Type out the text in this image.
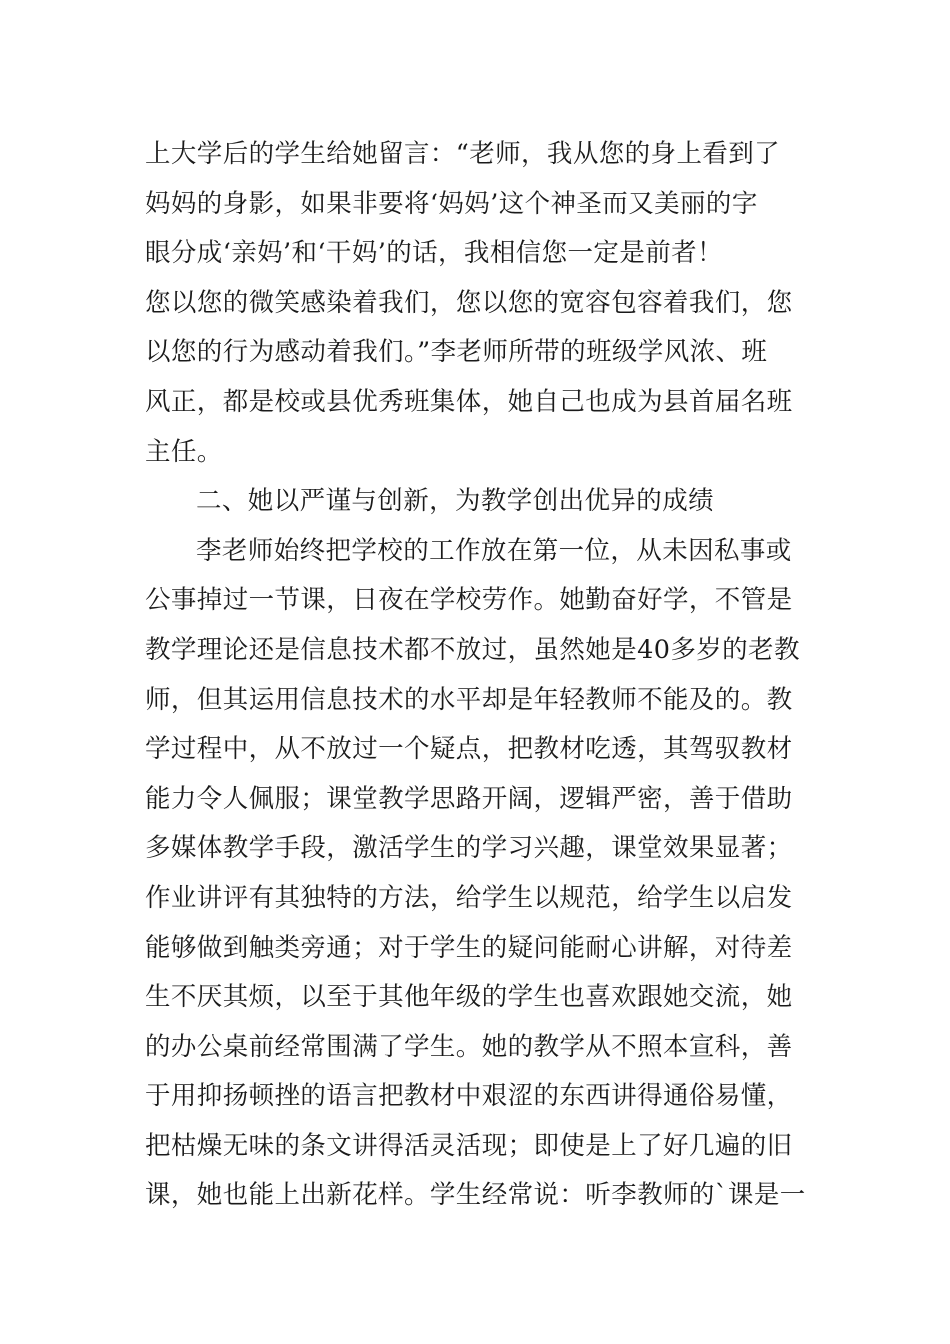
上大学后的学生给她留言：“老师，我从您的身上看到了
妈妈的身影，如果非要将‘妈妈’这个神圣而又美丽的字
眼分成‘亲妈’和‘干妈’的话，我相信您一定是前者！
您以您的微笑感染着我们，您以您的宽容包容着我们，您
以您的行为感动着我们。”李老师所带的班级学风浓、班
风正，都是校或县优秀班集体，她自己也成为县首届名班
主任。
二、她以严谨与创新，为教学创出优异的成绩
李老师始终把学校的工作放在第一位，从未因私事或
公事掉过一节课，日夜在学校劳作。她勤奋好学，不管是
教学理论还是信息技术都不放过，虽然她是40多岁的老教
师，但其运用信息技术的水平却是年轻教师不能及的。教
学过程中，从不放过一个疑点，把教材吃透，其驾驭教材
能力令人佩服；课堂教学思路开阔，逻辑严密，善于借助
多媒体教学手段，激活学生的学习兴趣，课堂效果显著；
作业讲评有其独特的方法，给学生以规范，给学生以启发
能够做到触类旁通；对于学生的疑问能耐心讲解，对待差
生不厌其烦，以至于其他年级的学生也喜欢跟她交流，她
的办公桌前经常围满了学生。她的教学从不照本宣科，善
于用抑扬顿挫的语言把教材中艰涩的东西讲得通俗易懂，
把枯燥无味的条文讲得活灵活现；即使是上了好几遍的旧
课，她也能上出新花样。学生经常说：听李教师的`课是一
